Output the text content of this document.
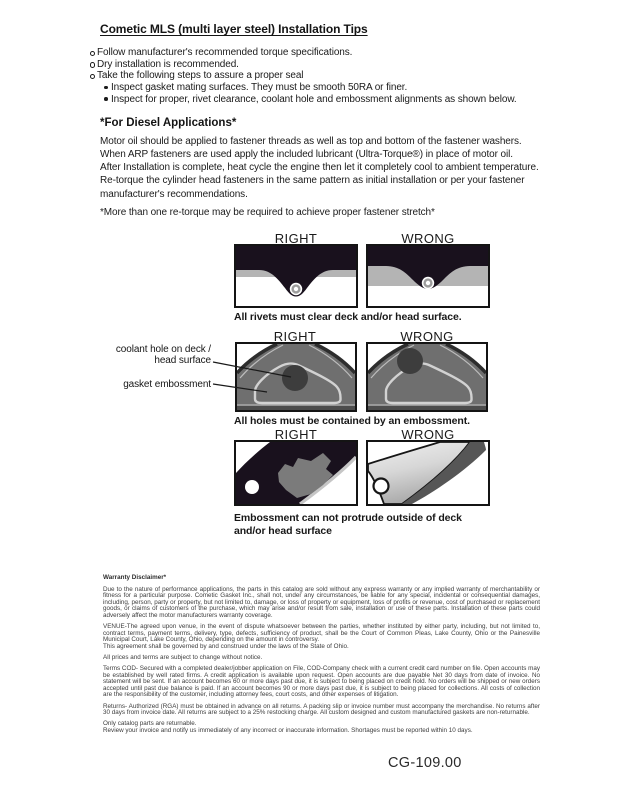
Cometic MLS (multi layer steel) Installation Tips
Follow manufacturer's recommended torque specifications.
Dry installation is recommended.
Take the following steps to assure a proper seal
Inspect gasket mating surfaces. They must be smooth 50RA or finer.
Inspect for proper, rivet clearance, coolant hole and embossment alignments as shown below.
*For Diesel Applications*
Motor oil should be applied to fastener threads as well as top and bottom of the fastener washers. When ARP fasteners are used apply the included lubricant (Ultra-Torque®) in place of motor oil.
After Installation is complete, heat cycle the engine then let it completely cool to ambient temperature. Re-torque the cylinder head fasteners in the same pattern as initial installation or per your fastener manufacturer's recommendations.
*More than one re-torque may be required to achieve proper fastener stretch*
RIGHT	WRONG
All rivets must clear deck and/or head surface.
RIGHT	WRONG
coolant hole on deck / head surface
gasket embossment
All holes must be contained by an embossment.
RIGHT	WRONG
Embossment can not protrude outside of deck
and/or head surface
Warranty Disclaimer*

Due to the nature of performance applications, the parts in this catalog are sold without any express warranty or any implied warranty of merchantability or fitness for a particular purpose. Cometic Gasket Inc., shall not, under any circumstances, be liable for any special, incidental or consequential damages, including, person, party or property, but not limited to, damage, or loss of property or equipment, loss of profits or revenue, cost of purchased or replacement goods, or claims of customers of the purchase, which may arise and/or result from sale, installation or use of these parts. Installation of these parts could adversely affect the motor manufacturers warranty coverage.

VENUE-The agreed upon venue, in the event of dispute whatsoever between the parties, whether instituted by either party, including, but not limited to, contract terms, payment terms, delivery, type, defects, sufficiency of product, shall be the Court of Common Pleas, Lake County, Ohio or the Painesville Municipal Court, Lake County, Ohio, depending on the amount in controversy.
This agreement shall be governed by and construed under the laws of the State of Ohio.

All prices and terms are subject to change without notice.

Terms COD- Secured with a completed dealer/jobber application on File, COD-Company check with a current credit card number on file. Open accounts may be established by well rated firms. A credit application is available upon request. Open accounts are due payable Net 30 days from date of invoice. No statement will be sent. If an account becomes 60 or more days past due, it is subject to being placed on credit hold. No orders will be shipped or new orders accepted until past due balance is paid. If an account becomes 90 or more days past due, it is subject to being placed for collections. All costs of collection are the responsibility of the customer, including attorney fees, court costs, and other expenses of litigation.

Returns- Authorized (RGA) must be obtained in advance on all returns. A packing slip or invoice number must accompany the merchandise. No returns after 30 days from invoice date. All returns are subject to a 25% restocking charge. All custom designed and custom manufactured gaskets are non-returnable.

Only catalog parts are returnable.
Review your invoice and notify us immediately of any incorrect or inaccurate information. Shortages must be reported within 10 days.

CG-109.00
